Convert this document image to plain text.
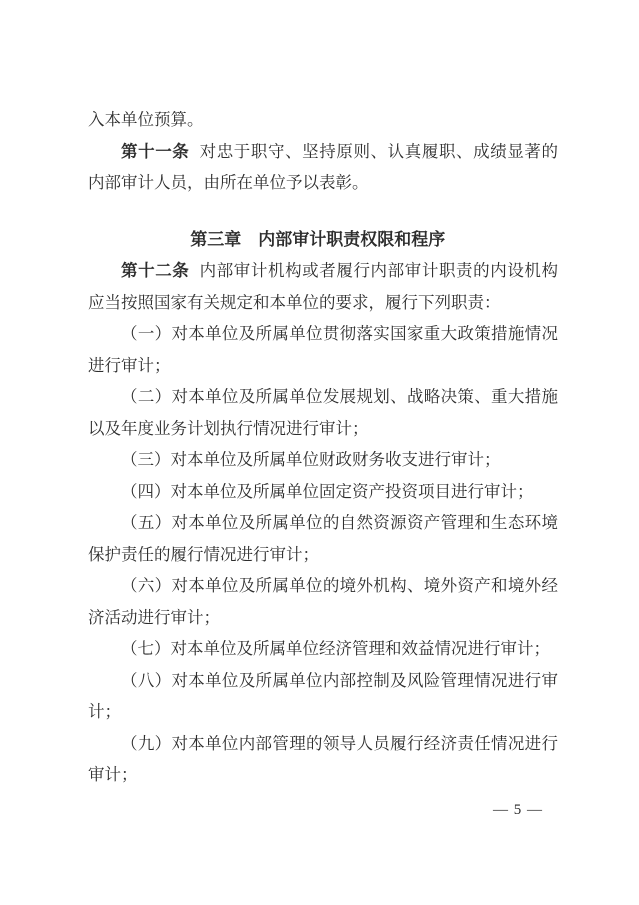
入本单位预算。
第十一条 对忠于职守、坚持原则、认真履职、成绩显著的
内部审计人员，由所在单位予以表彰。
第三章　内部审计职责权限和程序
第十二条 内部审计机构或者履行内部审计职责的内设机构
应当按照国家有关规定和本单位的要求，履行下列职责：
（一）对本单位及所属单位贯彻落实国家重大政策措施情况
进行审计；
（二）对本单位及所属单位发展规划、战略决策、重大措施
以及年度业务计划执行情况进行审计；
（三）对本单位及所属单位财政财务收支进行审计；
（四）对本单位及所属单位固定资产投资项目进行审计；
（五）对本单位及所属单位的自然资源资产管理和生态环境
保护责任的履行情况进行审计；
（六）对本单位及所属单位的境外机构、境外资产和境外经
济活动进行审计；
（七）对本单位及所属单位经济管理和效益情况进行审计；
（八）对本单位及所属单位内部控制及风险管理情况进行审
计；
（九）对本单位内部管理的领导人员履行经济责任情况进行
审计；
— 5 —
